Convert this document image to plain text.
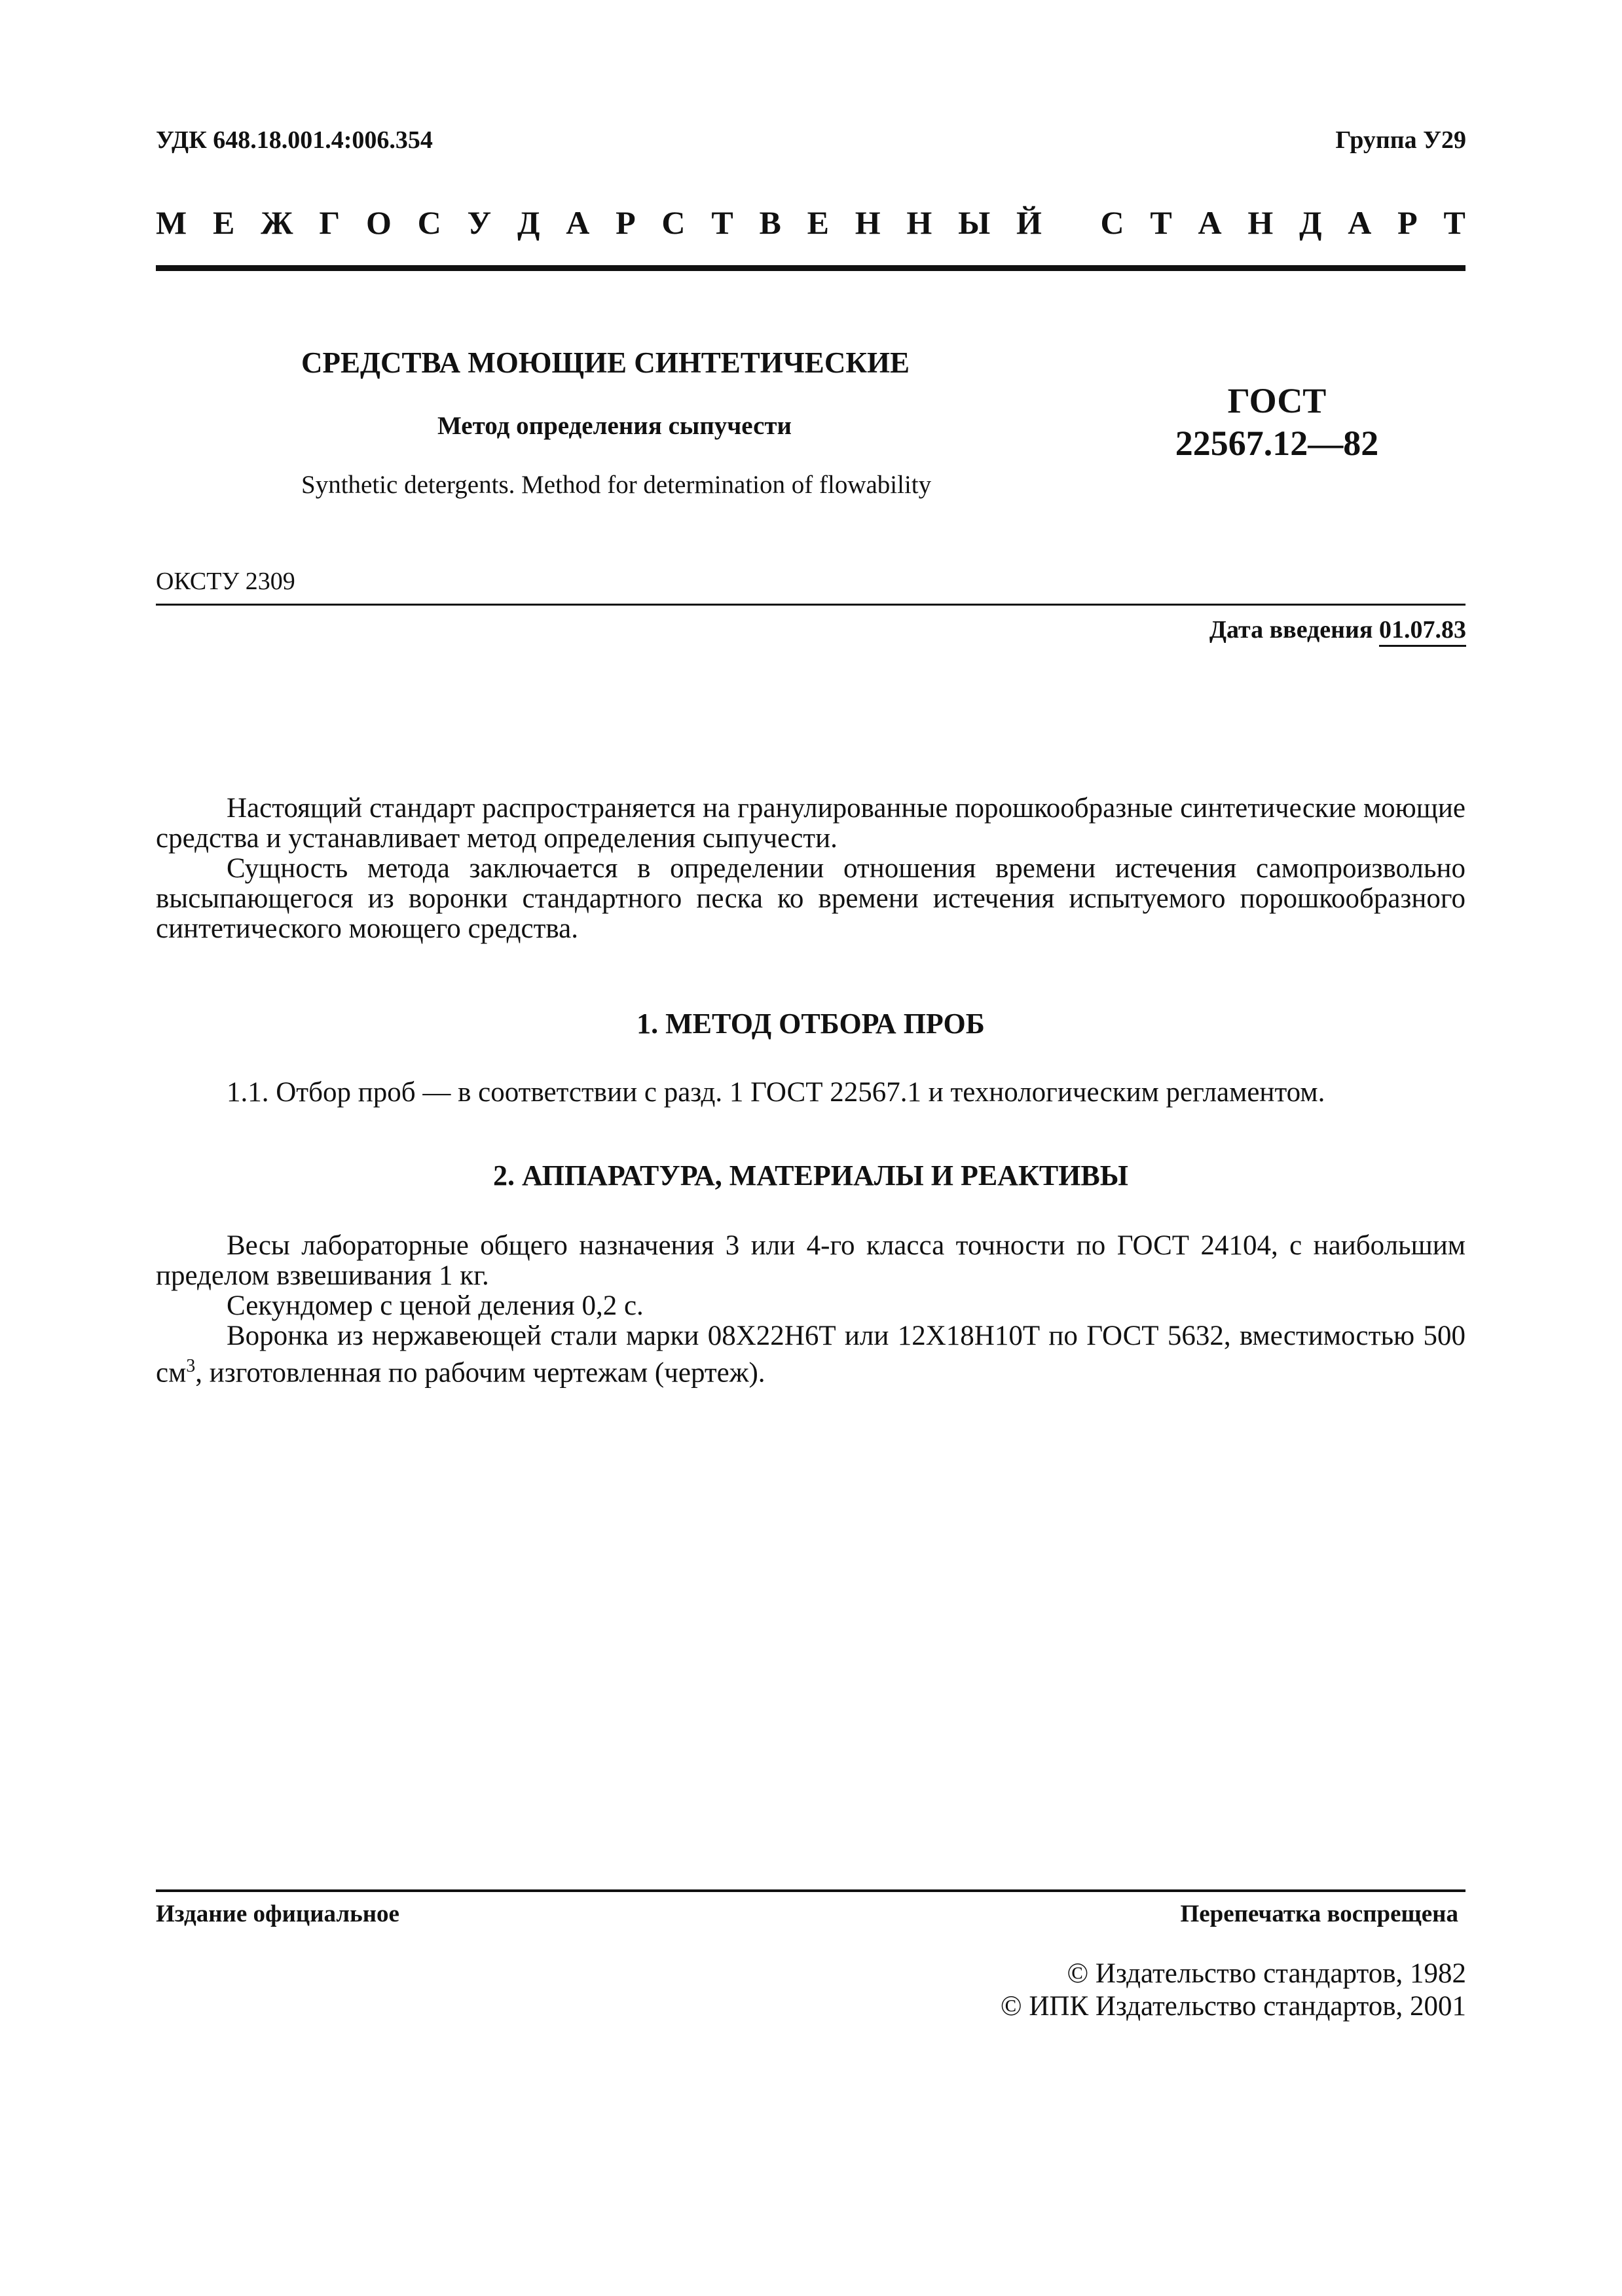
УДК 648.18.001.4:006.354	Группа У29
М Е Ж Г О С У Д А Р С Т В Е Н Н Ы Й С Т А Н Д А Р Т
СРЕДСТВА МОЮЩИЕ СИНТЕТИЧЕСКИЕ
Метод определения сыпучести
Synthetic detergents. Method for determination of flowability
ГОСТ
22567.12—82
ОКСТУ 2309
Дата введения 01.07.83

Настоящий стандарт распространяется на гранулированные порошкообразные синтетические моющие средства и устанавливает метод определения сыпучести.

Сущность метода заключается в определении отношения времени истечения самопроизвольно высыпающегося из воронки стандартного песка ко времени истечения испытуемого порошкообразного синтетического моющего средства.

1. МЕТОД ОТБОРА ПРОБ

1.1. Отбор проб — в соответствии с разд. 1 ГОСТ 22567.1 и технологическим регламентом.

2. АППАРАТУРА, МАТЕРИАЛЫ И РЕАКТИВЫ

Весы лабораторные общего назначения 3 или 4-го класса точности по ГОСТ 24104, с наибольшим пределом взвешивания 1 кг.

Секундомер с ценой деления 0,2 с.

Воронка из нержавеющей стали марки 08Х22Н6Т или 12Х18Н10Т по ГОСТ 5632, вместимостью 500 $см^3$, изготовленная по рабочим чертежам (чертеж).

Издание официальное	Перепечатка воспрещена
© Издательство стандартов, 1982
© ИПК Издательство стандартов, 2001
